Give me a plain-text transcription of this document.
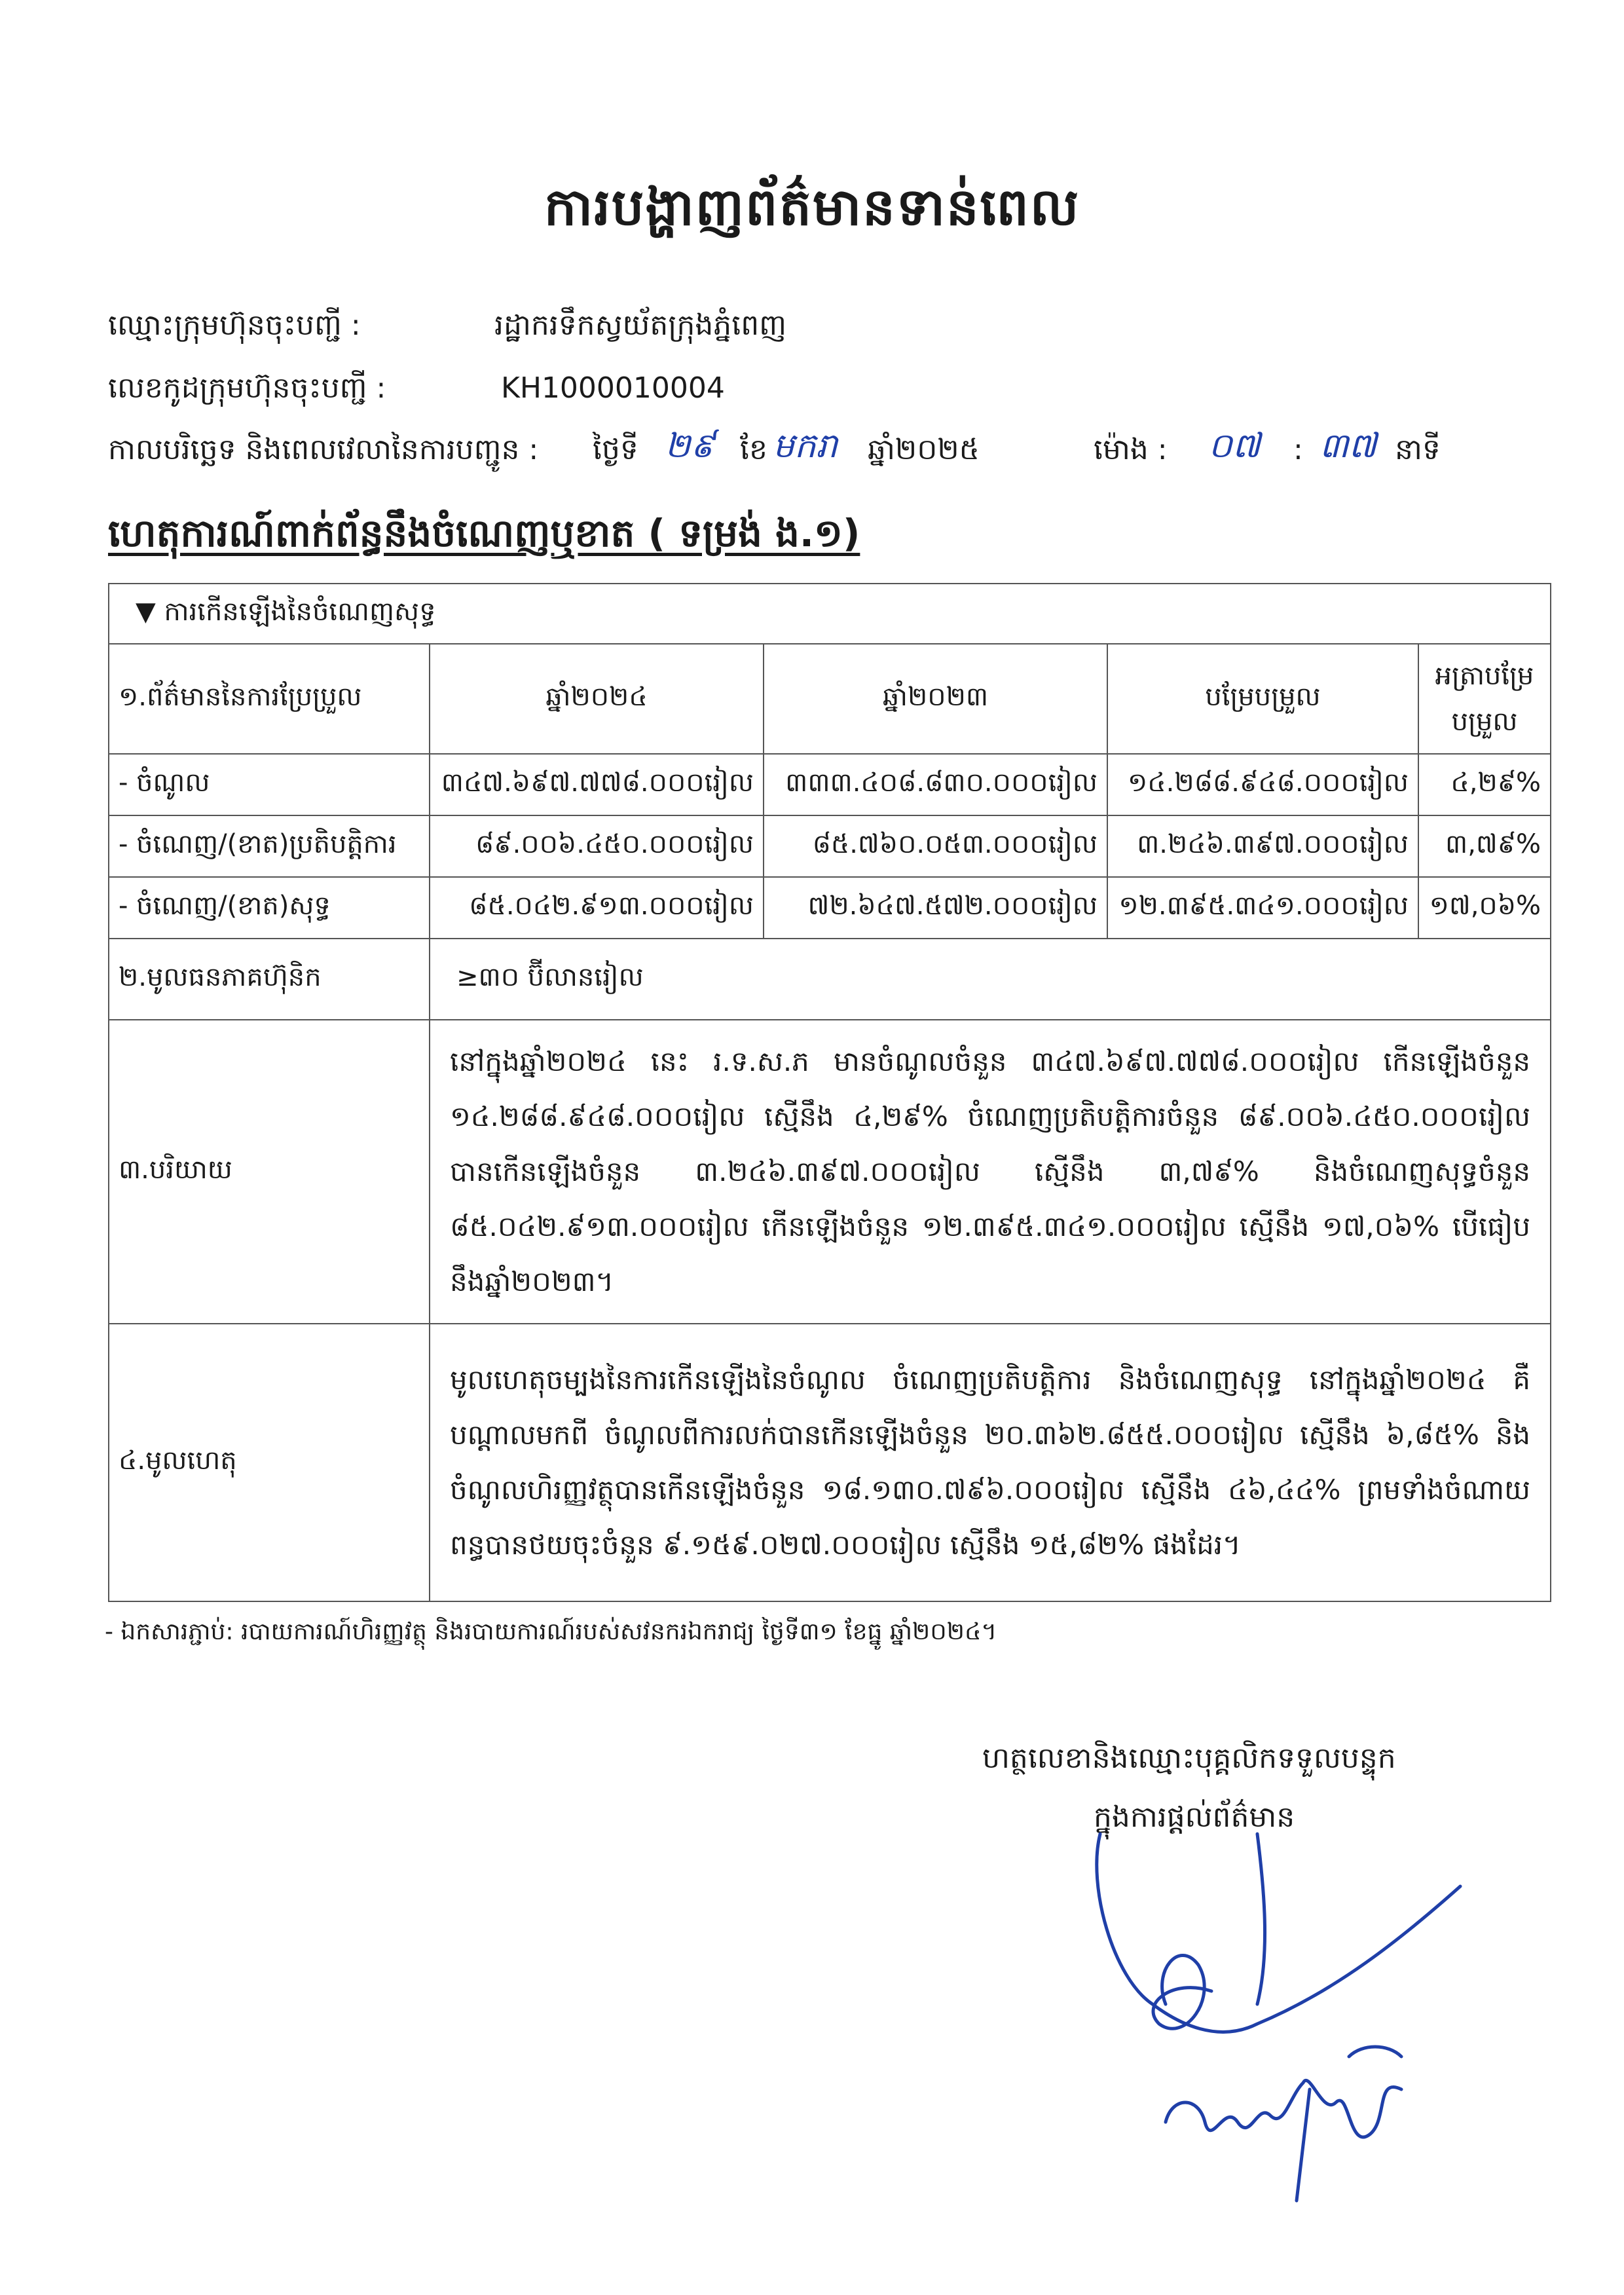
ការបង្ហាញព័ត៌មានទាន់ពេល
ឈ្មោះក្រុមហ៊ុនចុះបញ្ជី :	រដ្ឋាករទឹកស្វយ័តក្រុងភ្នំពេញ
លេខកូដក្រុមហ៊ុនចុះបញ្ជី :	KH1000010004
កាលបរិច្ឆេទ និងពេលវេលានៃការបញ្ជូន : ថ្ងៃទី ២៩ ខែ មករា ឆ្នាំ២០២៥	ម៉ោង : ០៧ : ៣៧ នាទី
ហេតុការណ៍ពាក់ព័ន្ធនឹងចំណេញឬខាត ( ទម្រង់ ង.១)
▼ ការកើនឡើងនៃចំណេញសុទ្ធ				
១.ព័ត៌មាននៃការប្រែប្រួល	ឆ្នាំ២០២៤	ឆ្នាំ២០២៣	បម្រែបម្រួល	អត្រាបម្រែបម្រួល
- ចំណូល	៣៤៧.៦៩៧.៧៧៨.០០០រៀល	៣៣៣.៤០៨.៨៣០.០០០រៀល	១៤.២៨៨.៩៤៨.០០០រៀល	៤,២៩%
- ចំណេញ/(ខាត)ប្រតិបត្តិការ	៨៩.០០៦.៤៥០.០០០រៀល	៨៥.៧៦០.០៥៣.០០០រៀល	៣.២៤៦.៣៩៧.០០០រៀល	៣,៧៩%
- ចំណេញ/(ខាត)សុទ្ធ	៨៥.០៤២.៩១៣.០០០រៀល	៧២.៦៤៧.៥៧២.០០០រៀល	១២.៣៩៥.៣៤១.០០០រៀល	១៧,០៦%
២.មូលធនភាគហ៊ុនិក	≥៣០ ប៊ីលានរៀល			
៣.បរិយាយ	នៅក្នុងឆ្នាំ២០២៤ នេះ រ.ទ.ស.ភ មានចំណូលចំនួន ៣៤៧.៦៩៧.៧៧៨.០០០រៀល កើនឡើងចំនួន ១៤.២៨៨.៩៤៨.០០០រៀល ស្មើនឹង ៤,២៩% ចំណេញប្រតិបត្តិការចំនួន ៨៩.០០៦.៤៥០.០០០រៀល បានកើនឡើងចំនួន ៣.២៤៦.៣៩៧.០០០រៀល ស្មើនឹង ៣,៧៩% និងចំណេញសុទ្ធចំនួន ៨៥.០៤២.៩១៣.០០០រៀល កើនឡើងចំនួន ១២.៣៩៥.៣៤១.០០០រៀល ស្មើនឹង ១៧,០៦% បើធៀបនឹងឆ្នាំ២០២៣។			
៤.មូលហេតុ	មូលហេតុចម្បងនៃការកើនឡើងនៃចំណូល ចំណេញប្រតិបត្តិការ និងចំណេញសុទ្ធ នៅក្នុងឆ្នាំ២០២៤ គឺបណ្តាលមកពី ចំណូលពីការលក់បានកើនឡើងចំនួន ២០.៣៦២.៨៥៥.០០០រៀល ស្មើនឹង ៦,៨៥% និងចំណូលហិរញ្ញវត្ថុបានកើនឡើងចំនួន ១៨.១៣០.៧៩៦.០០០រៀល ស្មើនឹង ៤៦,៤៤% ព្រមទាំងចំណាយពន្ធបានថយចុះចំនួន ៩.១៥៩.០២៧.០០០រៀល ស្មើនឹង ១៥,៨២% ផងដែរ។			
- ឯកសារភ្ជាប់: របាយការណ៍ហិរញ្ញវត្ថុ និងរបាយការណ៍របស់សវនករឯករាជ្យ ថ្ងៃទី៣១ ខែធ្នូ ឆ្នាំ២០២៤។
ហត្ថលេខានិងឈ្មោះបុគ្គលិកទទួលបន្ទុក
ក្នុងការផ្តល់ព័ត៌មាន
